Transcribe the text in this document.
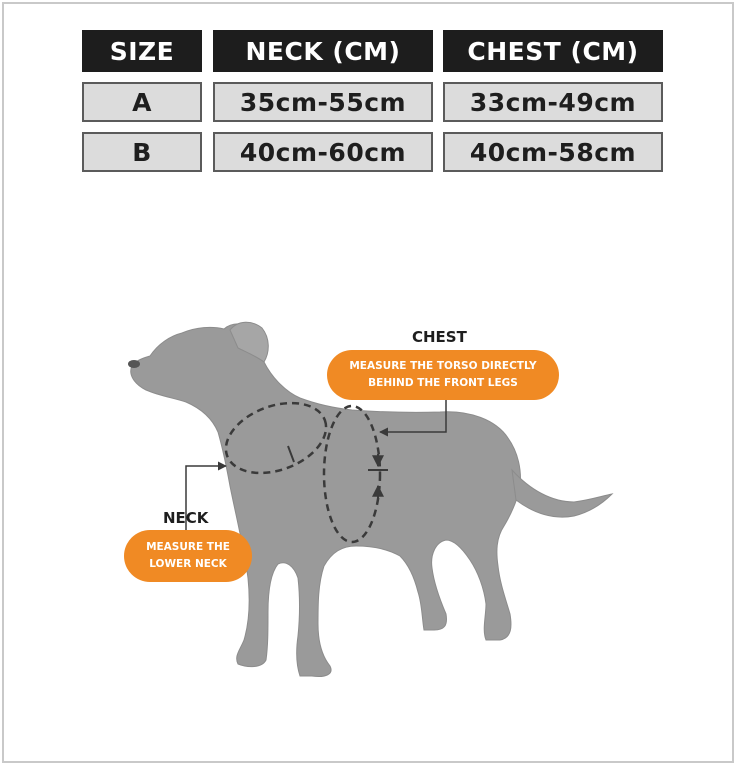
SIZE	NECK (CM)	CHEST (CM)
A	35cm-55cm	33cm-49cm
B	40cm-60cm	40cm-58cm
CHEST
MEASURE THE TORSO DIRECTLY
BEHIND THE FRONT LEGS
NECK
MEASURE THE
LOWER NECK
